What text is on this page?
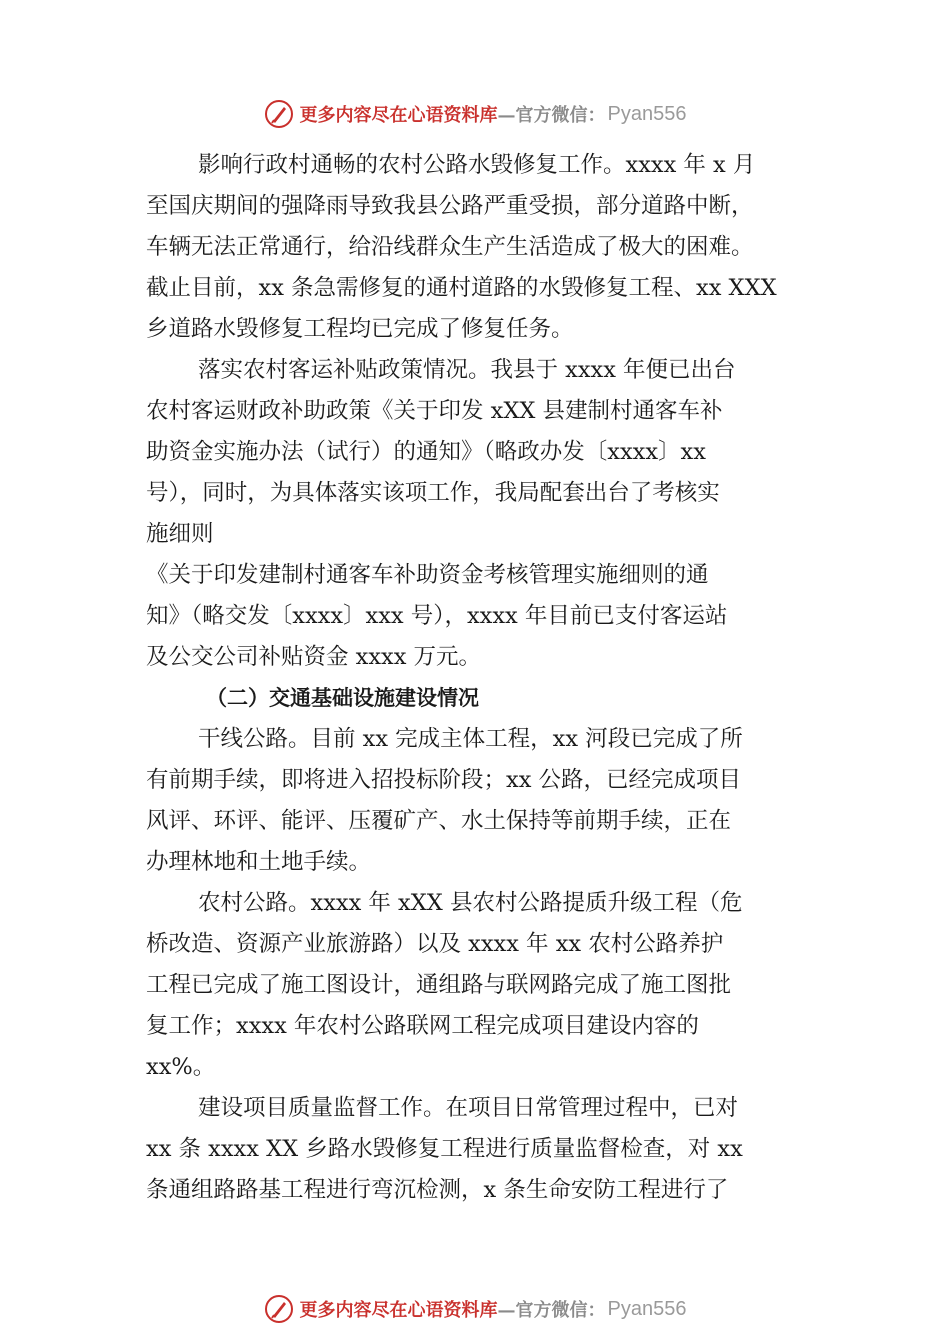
更多内容尽在心语资料库 —官方微信： Pyan556
影响行政村通畅的农村公路水毁修复工作。xxxx 年 x 月
至国庆期间的强降雨导致我县公路严重受损，部分道路中断，
车辆无法正常通行，给沿线群众生产生活造成了极大的困难。
截止目前，xx 条急需修复的通村道路的水毁修复工程、xx XXX
乡道路水毁修复工程均已完成了修复任务。
落实农村客运补贴政策情况。我县于 xxxx 年便已出台
农村客运财政补助政策《关于印发 xXX 县建制村通客车补
助资金实施办法（试行）的通知》（略政办发〔xxxx〕xx
号），同时，为具体落实该项工作，我局配套出台了考核实
施细则
《关于印发建制村通客车补助资金考核管理实施细则的通
知》（略交发〔xxxx〕xxx 号），xxxx 年目前已支付客运站
及公交公司补贴资金 xxxx 万元。
（二）交通基础设施建设情况
干线公路。目前 xx 完成主体工程，xx 河段已完成了所
有前期手续，即将进入招投标阶段；xx 公路，已经完成项目
风评、环评、能评、压覆矿产、水土保持等前期手续，正在
办理林地和土地手续。
农村公路。xxxx 年 xXX 县农村公路提质升级工程（危
桥改造、资源产业旅游路）以及 xxxx 年 xx 农村公路养护
工程已完成了施工图设计，通组路与联网路完成了施工图批
复工作；xxxx 年农村公路联网工程完成项目建设内容的
xx%。
建设项目质量监督工作。在项目日常管理过程中，已对
xx 条 xxxx XX 乡路水毁修复工程进行质量监督检查，对 xx
条通组路路基工程进行弯沉检测，x 条生命安防工程进行了
更多内容尽在心语资料库 —官方微信： Pyan556
